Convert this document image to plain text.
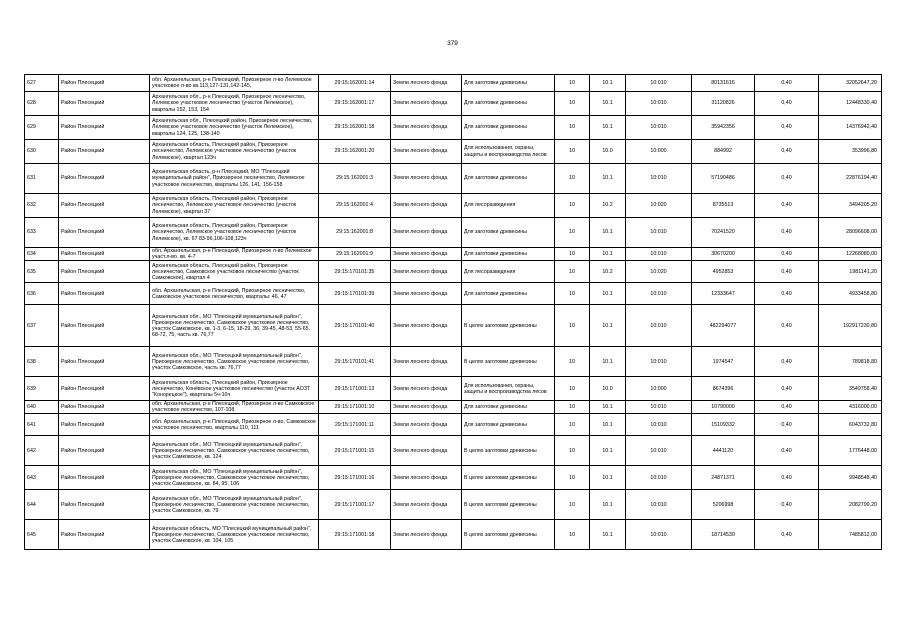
379
627	Район Плесецкий	обл. Архангельская, р-н Плесецкий, Приозерное л-во Лелемское участковое л-во кв.113,127-131,142-145,	29:15:162001:14	Земли лесного фонда	Для заготовки древесины	10	10.1	10:010	80131616	0,40	32052647,20
628	Район Плесецкий	Архангельская обл., р-н Плесецкий, Приозерное лесничество, Лелемское участковое лесничество (участок Лелемское), кварталы 152, 153, 154	29:15:162001:17	Земли лесного фонда	Для заготовки древесины	10	10.1	10:010	31120826	0,40	12448330,40
629	Район Плесецкий	Архангельская обл., Плесецкий район, Приозерное лесничество, Лелемское участковое лесничество (участок Лелемское), кварталы 124, 125, 138-140	29:15:162001:18	Земли лесного фонда	Для заготовки древесины	10	10.1	10:010	35942356	0,40	14376942,40
630	Район Плесецкий	Архангельская область, Плесецкий район, Приозерное лесничество, Лелемское участковое лесничество (участок Лелемское), квартал 123ч	29:15:162001:20	Земли лесного фонда	Для использования, охраны, защиты и воспроизводства лесов	10	10.0	10:000	884992	0,40	353996,80
631	Район Плесецкий	Архангельская область, р-н Плесецкий, МО "Плесецкий муниципальный район", Приозерное лесничество, Лелемское участковое лесничество, кварталы 126, 141, 156-158	29:15:162001:3	Земли лесного фонда	Для заготовки древесины	10	10.1	10:010	57190486	0,40	22876194,40
632	Район Плесецкий	Архангельская область, Плесецкий район, Приозерное лесничество, Лелемское участковое лесничество (участок Лелемское), квартал 37	29:15:162001:4	Земли лесного фонда	Для лесоразведения	10	10.2	10:020	8735513	0,40	3494205,20
633	Район Плесецкий	Архангельская область, Плесецкий район, Приозерное лесничество, Лелемское участковое лесничество (участок Лелемское), кв. 67 83-96,106-108,123ч	29:15:162001:8	Земли лесного фонда	Для заготовки древесины	10	10.1	10:010	70241520	0,40	28096608,00
634	Район Плесецкий	обл. Архангельская, р-н Плесецкий, Приозерное л-во Лелемское участ.л-во. кв. 4-7	29:15:162001:9	Земли лесного фонда	Для заготовки древесины	10	10.1	10:010	30670200	0,40	12268080,00
635	Район Плесецкий	Архангельская область, Плесецкий район, Приозерное лесничество, Самковское участковое лесничество (участок Самковское), квартал 4	29:15:170101:35	Земли лесного фонда	Для лесоразведения	10	10.2	10:020	4952853	0,40	1981141,20
636	Район Плесецкий	обл. Архангельская, р-н Плесецкий, Приозерное лесничество, Самковское участковое лесничество, кварталы: 46, 47	29:15:170101:39	Земли лесного фонда	Для заготовки древесины	10	10.1	10:010	12333647	0,40	4933458,80
637	Район Плесецкий	Архангельская обл., МО "Плесецкий муниципальный район", Приозерное лесничество, Самковское участковое лесничество, участок Самковское, кв. 1-3, 6-15, 18-29, 36, 39-45, 48-53, 55-65, 68-72, 75, часть кв. 76,77	29:15:170101:40	Земли лесного фонда	В целях заготовки древесины	10	10.1	10:010	482294077	0,40	192917230,80
638	Район Плесецкий	Архангельская обл., МО "Плесецкий муниципальный район", Приозерное лесничество, Самковское участковое лесничество, участок Самковское, часть кв. 76,77	29:15:170101:41	Земли лесного фонда	В целях заготовки древесины	10	10.1	10:010	1974547	0,40	789818,80
639	Район Плесецкий	Архангельская область, Плесецкий район, Приозерное лесничество, Конёвское участковое лесничество (участок АОЗТ "Конорецкое"), кварталы 5ч-10ч	29:15:171001:13	Земли лесного фонда	Для использования, охраны, защиты и воспроизводства лесов	10	10.0	10:000	8674396	0,40	3549758,40
640	Район Плесецкий	обл. Архангельская, р-н Плесецкий, Приозерное л-во Самковское участковое лесничество, 107-108.	29:15:171001:10	Земли лесного фонда	Для заготовки древесины	10	10.1	10:010	10790000	0,40	4316000,00
641	Район Плесецкий	обл. Архангельская, р-н Плесецкий, Приозерное л-во, Самковское участковое лесничество, кварталы 110, 111	29:15:171001:11	Земли лесного фонда	Для заготовки древесины	10	10.1	10:010	15109332	0,40	6043732,80
642	Район Плесецкий	Архангельская обл., МО "Плесецкий муниципальный район", Приозерное лесничество, Самковское участковое лесничество, участок Самковское, кв. 124	29:15:171001:15	Земли лесного фонда	В целях заготовки древесины	10	10.1	10:010	4441120	0,40	1776448,00
643	Район Плесецкий	Архангельская обл., МО "Плесецкий муниципальный район", Приозерное лесничество, Самковское участковое лесничество, участок Самковское, кв. 84, 95, 106	29:15:171001:16	Земли лесного фонда	В целях заготовки древесины	10	10.1	10:010	24871371	0,40	9948548,40
644	Район Плесецкий	Архангельская обл., МО "Плесецкий муниципальный район", Приозерное лесничество, Самковское участковое лесничество, участок Самковское, кв. 79	29:15:171001:17	Земли лесного фонда	В целях заготовки древесины	10	10.1	10:010	5206998	0,40	2082799,20
645	Район Плесецкий	Архангельская область, МО "Плесецкий муниципальный район", Приозерное лесничество, Самковское участковое лесничество, участок Самковское, кв. 104, 105	29:15:171001:18	Земли лесного фонда	В целях заготовки древесины	10	10.1	10:010	18714530	0,40	7485812,00
